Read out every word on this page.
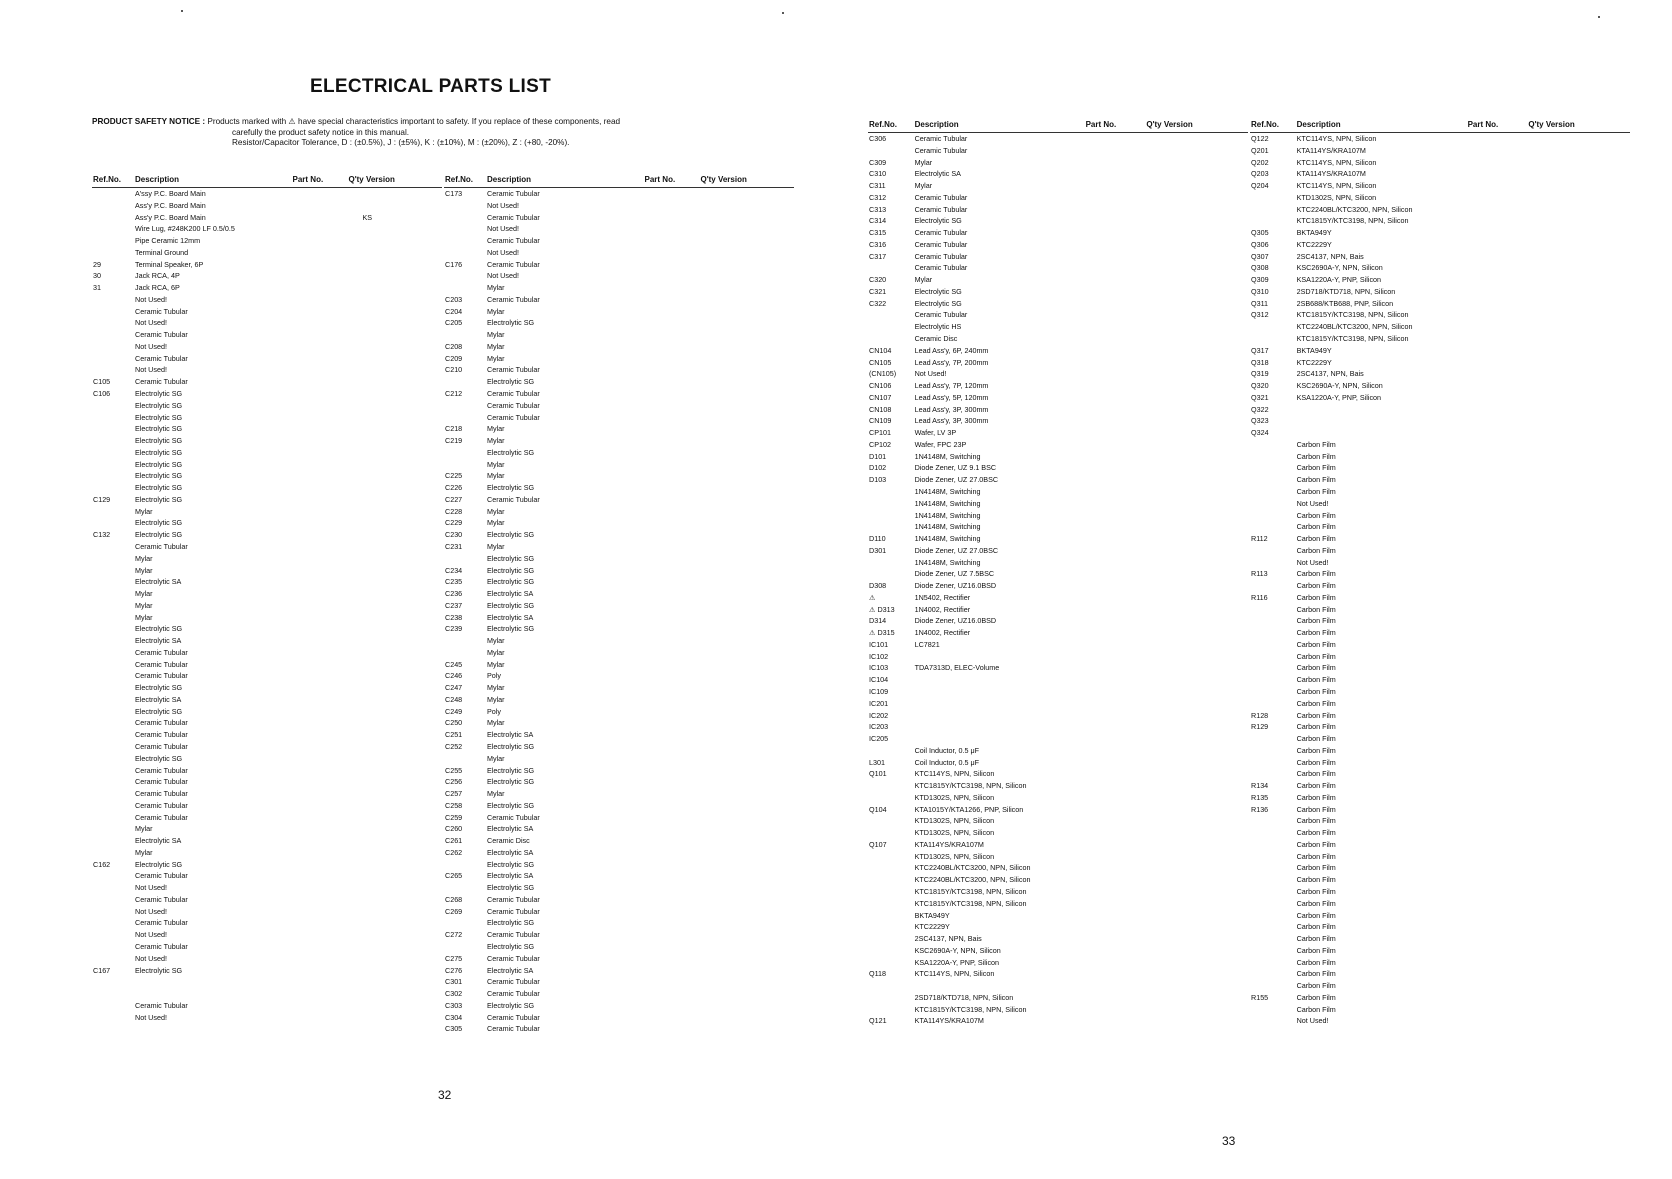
ELECTRICAL PARTS LIST
PRODUCT SAFETY NOTICE : Products marked with ⚠ have special characteristics important to safety. If you replace of these components, read
carefully the product safety notice in this manual.
Resistor/Capacitor Tolerance, D : (±0.5%), J : (±5%), K : (±10%), M : (±20%), Z : (+80, -20%).
Ref.No.	Description					Part No.	Q'ty Version	
	A'ssy P.C. Board Main							
	Ass'y P.C. Board Main							
	Ass'y P.C. Board Main							KS
	Wire Lug, #248K200 LF 0.5/0.5							
	Pipe Ceramic 12mm							
	Terminal Ground							
29	Terminal Speaker, 6P							
30	Jack RCA, 4P							
31	Jack RCA, 6P							
	Not Used!							
	Ceramic Tubular							
	Not Used!							
	Ceramic Tubular							
	Not Used!							
	Ceramic Tubular							
	Not Used!							
C105	Ceramic Tubular							
C106	Electrolytic SG							
	Electrolytic SG							
	Electrolytic SG							
	Electrolytic SG							
	Electrolytic SG							
	Electrolytic SG							
	Electrolytic SG							
	Electrolytic SG							
	Electrolytic SG							
C129	Electrolytic SG							
	Mylar							
	Electrolytic SG							
C132	Electrolytic SG							
	Ceramic Tubular							
	Mylar							
	Mylar							
	Electrolytic SA							
	Mylar							
	Mylar							
	Mylar							
	Electrolytic SG							
	Electrolytic SA							
	Ceramic Tubular							
	Ceramic Tubular							
	Ceramic Tubular							
	Electrolytic SG							
	Electrolytic SA							
	Electrolytic SG							
	Ceramic Tubular							
	Ceramic Tubular							
	Ceramic Tubular							
	Electrolytic SG							
	Ceramic Tubular							
	Ceramic Tubular							
	Ceramic Tubular							
	Ceramic Tubular							
	Ceramic Tubular							
	Mylar							
	Electrolytic SA							
	Mylar							
C162	Electrolytic SG							
	Ceramic Tubular							
	Not Used!							
	Ceramic Tubular							
	Not Used!							
	Ceramic Tubular							
	Not Used!							
	Ceramic Tubular							
	Not Used!							
C167	Electrolytic SG							

	Ceramic Tubular							
	Not Used!							
Ref.No.	Description					Part No.	Q'ty Version	
C173	Ceramic Tubular							
	Not Used!							
	Ceramic Tubular							
	Not Used!							
	Ceramic Tubular							
	Not Used!							
C176	Ceramic Tubular							
	Not Used!							
	Mylar							
C203	Ceramic Tubular							
C204	Mylar							
C205	Electrolytic SG							
	Mylar							
C208	Mylar							
C209	Mylar							
C210	Ceramic Tubular							
	Electrolytic SG							
C212	Ceramic Tubular							
	Ceramic Tubular							
	Ceramic Tubular							
C218	Mylar							
C219	Mylar							
	Electrolytic SG							
	Mylar							
C225	Mylar							
C226	Electrolytic SG							
C227	Ceramic Tubular							
C228	Mylar							
C229	Mylar							
C230	Electrolytic SG							
C231	Mylar							
	Electrolytic SG							
C234	Electrolytic SG							
C235	Electrolytic SG							
C236	Electrolytic SA							
C237	Electrolytic SG							
C238	Electrolytic SA							
C239	Electrolytic SG							
	Mylar							
	Mylar							
C245	Mylar							
C246	Poly							
C247	Mylar							
C248	Mylar							
C249	Poly							
C250	Mylar							
C251	Electrolytic SA							
C252	Electrolytic SG							
	Mylar							
C255	Electrolytic SG							
C256	Electrolytic SG							
C257	Mylar							
C258	Electrolytic SG							
C259	Ceramic Tubular							
C260	Electrolytic SA							
C261	Ceramic Disc							
C262	Electrolytic SA							
	Electrolytic SG							
C265	Electrolytic SA							
	Electrolytic SG							
C268	Ceramic Tubular							
C269	Ceramic Tubular							
	Electrolytic SG							
C272	Ceramic Tubular							
	Electrolytic SG							
C275	Ceramic Tubular							
C276	Electrolytic SA							
C301	Ceramic Tubular							
C302	Ceramic Tubular							
C303	Electrolytic SG							
C304	Ceramic Tubular							
C305	Ceramic Tubular							
32
Ref.No.	Description					Part No.	Q'ty Version	
C306	Ceramic Tubular							
	Ceramic Tubular							
C309	Mylar							
C310	Electrolytic SA							
C311	Mylar							
C312	Ceramic Tubular							
C313	Ceramic Tubular							
C314	Electrolytic SG							
C315	Ceramic Tubular							
C316	Ceramic Tubular							
C317	Ceramic Tubular							
	Ceramic Tubular							
C320	Mylar							
C321	Electrolytic SG							
C322	Electrolytic SG							
	Ceramic Tubular							
	Electrolytic HS							
	Ceramic Disc							
CN104	Lead Ass'y, 6P, 240mm							
CN105	Lead Ass'y, 7P, 200mm							
(CN105)	Not Used!							
CN106	Lead Ass'y, 7P, 120mm							
CN107	Lead Ass'y, 5P, 120mm							
CN108	Lead Ass'y, 3P, 300mm							
CN109	Lead Ass'y, 3P, 300mm							
CP101	Wafer, LV 3P							
CP102	Wafer, FPC 23P							
D101	1N4148M, Switching							
D102	Diode Zener, UZ 9.1 BSC							
D103	Diode Zener, UZ 27.0BSC							
	1N4148M, Switching							
	1N4148M, Switching							
	1N4148M, Switching							
	1N4148M, Switching							
D110	1N4148M, Switching							
D301	Diode Zener, UZ 27.0BSC							
	1N4148M, Switching							
	Diode Zener, UZ 7.5BSC							
D308	Diode Zener, UZ16.0BSD							
⚠	1N5402, Rectifier							
⚠ D313	1N4002, Rectifier							
D314	Diode Zener, UZ16.0BSD							
⚠ D315	1N4002, Rectifier							
IC101	LC7821							
IC102								
IC103	TDA7313D, ELEC-Volume							
IC104								
IC109								
IC201								
IC202								
IC203								
IC205								
	Coil Inductor, 0.5 μF							
L301	Coil Inductor, 0.5 μF							
Q101	KTC114YS, NPN, Silicon							
	KTC1815Y/KTC3198, NPN, Silicon							
	KTD1302S, NPN, Silicon							
Q104	KTA1015Y/KTA1266, PNP, Silicon							
	KTD1302S, NPN, Silicon							
	KTD1302S, NPN, Silicon							
Q107	KTA114YS/KRA107M							
	KTD1302S, NPN, Silicon							
	KTC2240BL/KTC3200, NPN, Silicon							
	KTC2240BL/KTC3200, NPN, Silicon							
	KTC1815Y/KTC3198, NPN, Silicon							
	KTC1815Y/KTC3198, NPN, Silicon							
	BKTA949Y							
	KTC2229Y							
	2SC4137, NPN, Bais							
	KSC2690A-Y, NPN, Silicon							
	KSA1220A-Y, PNP, Silicon							
Q118	KTC114YS, NPN, Silicon							

	2SD718/KTD718, NPN, Silicon							
	KTC1815Y/KTC3198, NPN, Silicon							
Q121	KTA114YS/KRA107M							
Ref.No.	Description					Part No.	Q'ty Version	
Q122	KTC114YS, NPN, Silicon							
Q201	KTA114YS/KRA107M							
Q202	KTC114YS, NPN, Silicon							
Q203	KTA114YS/KRA107M							
Q204	KTC114YS, NPN, Silicon							
	KTD1302S, NPN, Silicon							
	KTC2240BL/KTC3200, NPN, Silicon							
	KTC1815Y/KTC3198, NPN, Silicon							
Q305	BKTA949Y							
Q306	KTC2229Y							
Q307	2SC4137, NPN, Bais							
Q308	KSC2690A-Y, NPN, Silicon							
Q309	KSA1220A-Y, PNP, Silicon							
Q310	2SD718/KTD718, NPN, Silicon							
Q311	2SB688/KTB688, PNP, Silicon							
Q312	KTC1815Y/KTC3198, NPN, Silicon							
	KTC2240BL/KTC3200, NPN, Silicon							
	KTC1815Y/KTC3198, NPN, Silicon							
Q317	BKTA949Y							
Q318	KTC2229Y							
Q319	2SC4137, NPN, Bais							
Q320	KSC2690A-Y, NPN, Silicon							
Q321	KSA1220A-Y, PNP, Silicon							
Q322								
Q323								
Q324								
	Carbon Film							
	Carbon Film							
	Carbon Film							
	Carbon Film							
	Carbon Film							
	Not Used!							
	Carbon Film							
	Carbon Film							
R112	Carbon Film							
	Carbon Film							
	Not Used!							
R113	Carbon Film							
	Carbon Film							
R116	Carbon Film							
	Carbon Film							
	Carbon Film							
	Carbon Film							
	Carbon Film							
	Carbon Film							
	Carbon Film							
	Carbon Film							
	Carbon Film							
	Carbon Film							
R128	Carbon Film							
R129	Carbon Film							
	Carbon Film							
	Carbon Film							
	Carbon Film							
	Carbon Film							
R134	Carbon Film							
R135	Carbon Film							
R136	Carbon Film							
	Carbon Film							
	Carbon Film							
	Carbon Film							
	Carbon Film							
	Carbon Film							
	Carbon Film							
	Carbon Film							
	Carbon Film							
	Carbon Film							
	Carbon Film							
	Carbon Film							
	Carbon Film							
	Carbon Film							
	Carbon Film							
	Carbon Film							
R155	Carbon Film							
	Carbon Film							
	Not Used!							
33
